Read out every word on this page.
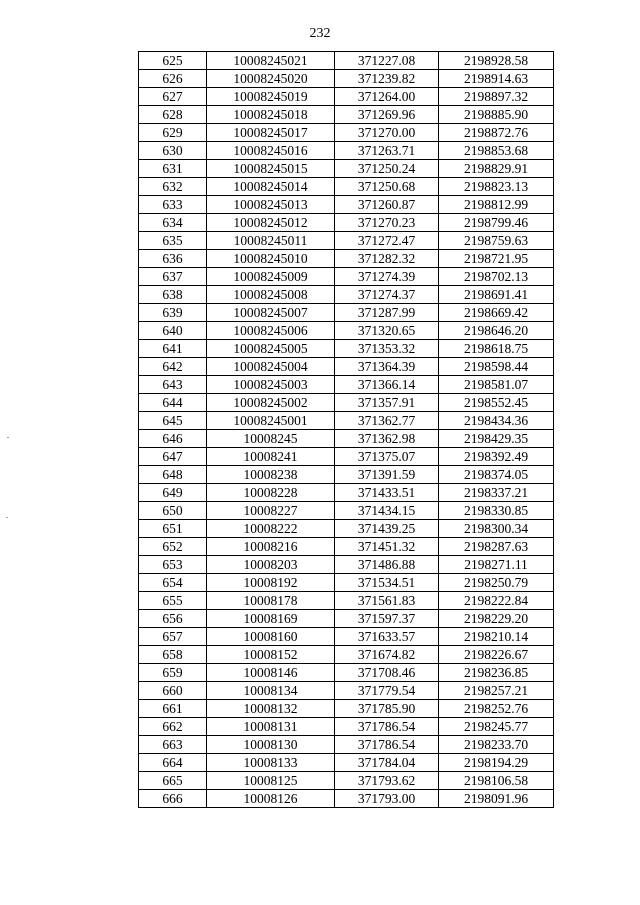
232
625	10008245021	371227.08	2198928.58
626	10008245020	371239.82	2198914.63
627	10008245019	371264.00	2198897.32
628	10008245018	371269.96	2198885.90
629	10008245017	371270.00	2198872.76
630	10008245016	371263.71	2198853.68
631	10008245015	371250.24	2198829.91
632	10008245014	371250.68	2198823.13
633	10008245013	371260.87	2198812.99
634	10008245012	371270.23	2198799.46
635	10008245011	371272.47	2198759.63
636	10008245010	371282.32	2198721.95
637	10008245009	371274.39	2198702.13
638	10008245008	371274.37	2198691.41
639	10008245007	371287.99	2198669.42
640	10008245006	371320.65	2198646.20
641	10008245005	371353.32	2198618.75
642	10008245004	371364.39	2198598.44
643	10008245003	371366.14	2198581.07
644	10008245002	371357.91	2198552.45
645	10008245001	371362.77	2198434.36
646	10008245	371362.98	2198429.35
647	10008241	371375.07	2198392.49
648	10008238	371391.59	2198374.05
649	10008228	371433.51	2198337.21
650	10008227	371434.15	2198330.85
651	10008222	371439.25	2198300.34
652	10008216	371451.32	2198287.63
653	10008203	371486.88	2198271.11
654	10008192	371534.51	2198250.79
655	10008178	371561.83	2198222.84
656	10008169	371597.37	2198229.20
657	10008160	371633.57	2198210.14
658	10008152	371674.82	2198226.67
659	10008146	371708.46	2198236.85
660	10008134	371779.54	2198257.21
661	10008132	371785.90	2198252.76
662	10008131	371786.54	2198245.77
663	10008130	371786.54	2198233.70
664	10008133	371784.04	2198194.29
665	10008125	371793.62	2198106.58
666	10008126	371793.00	2198091.96
